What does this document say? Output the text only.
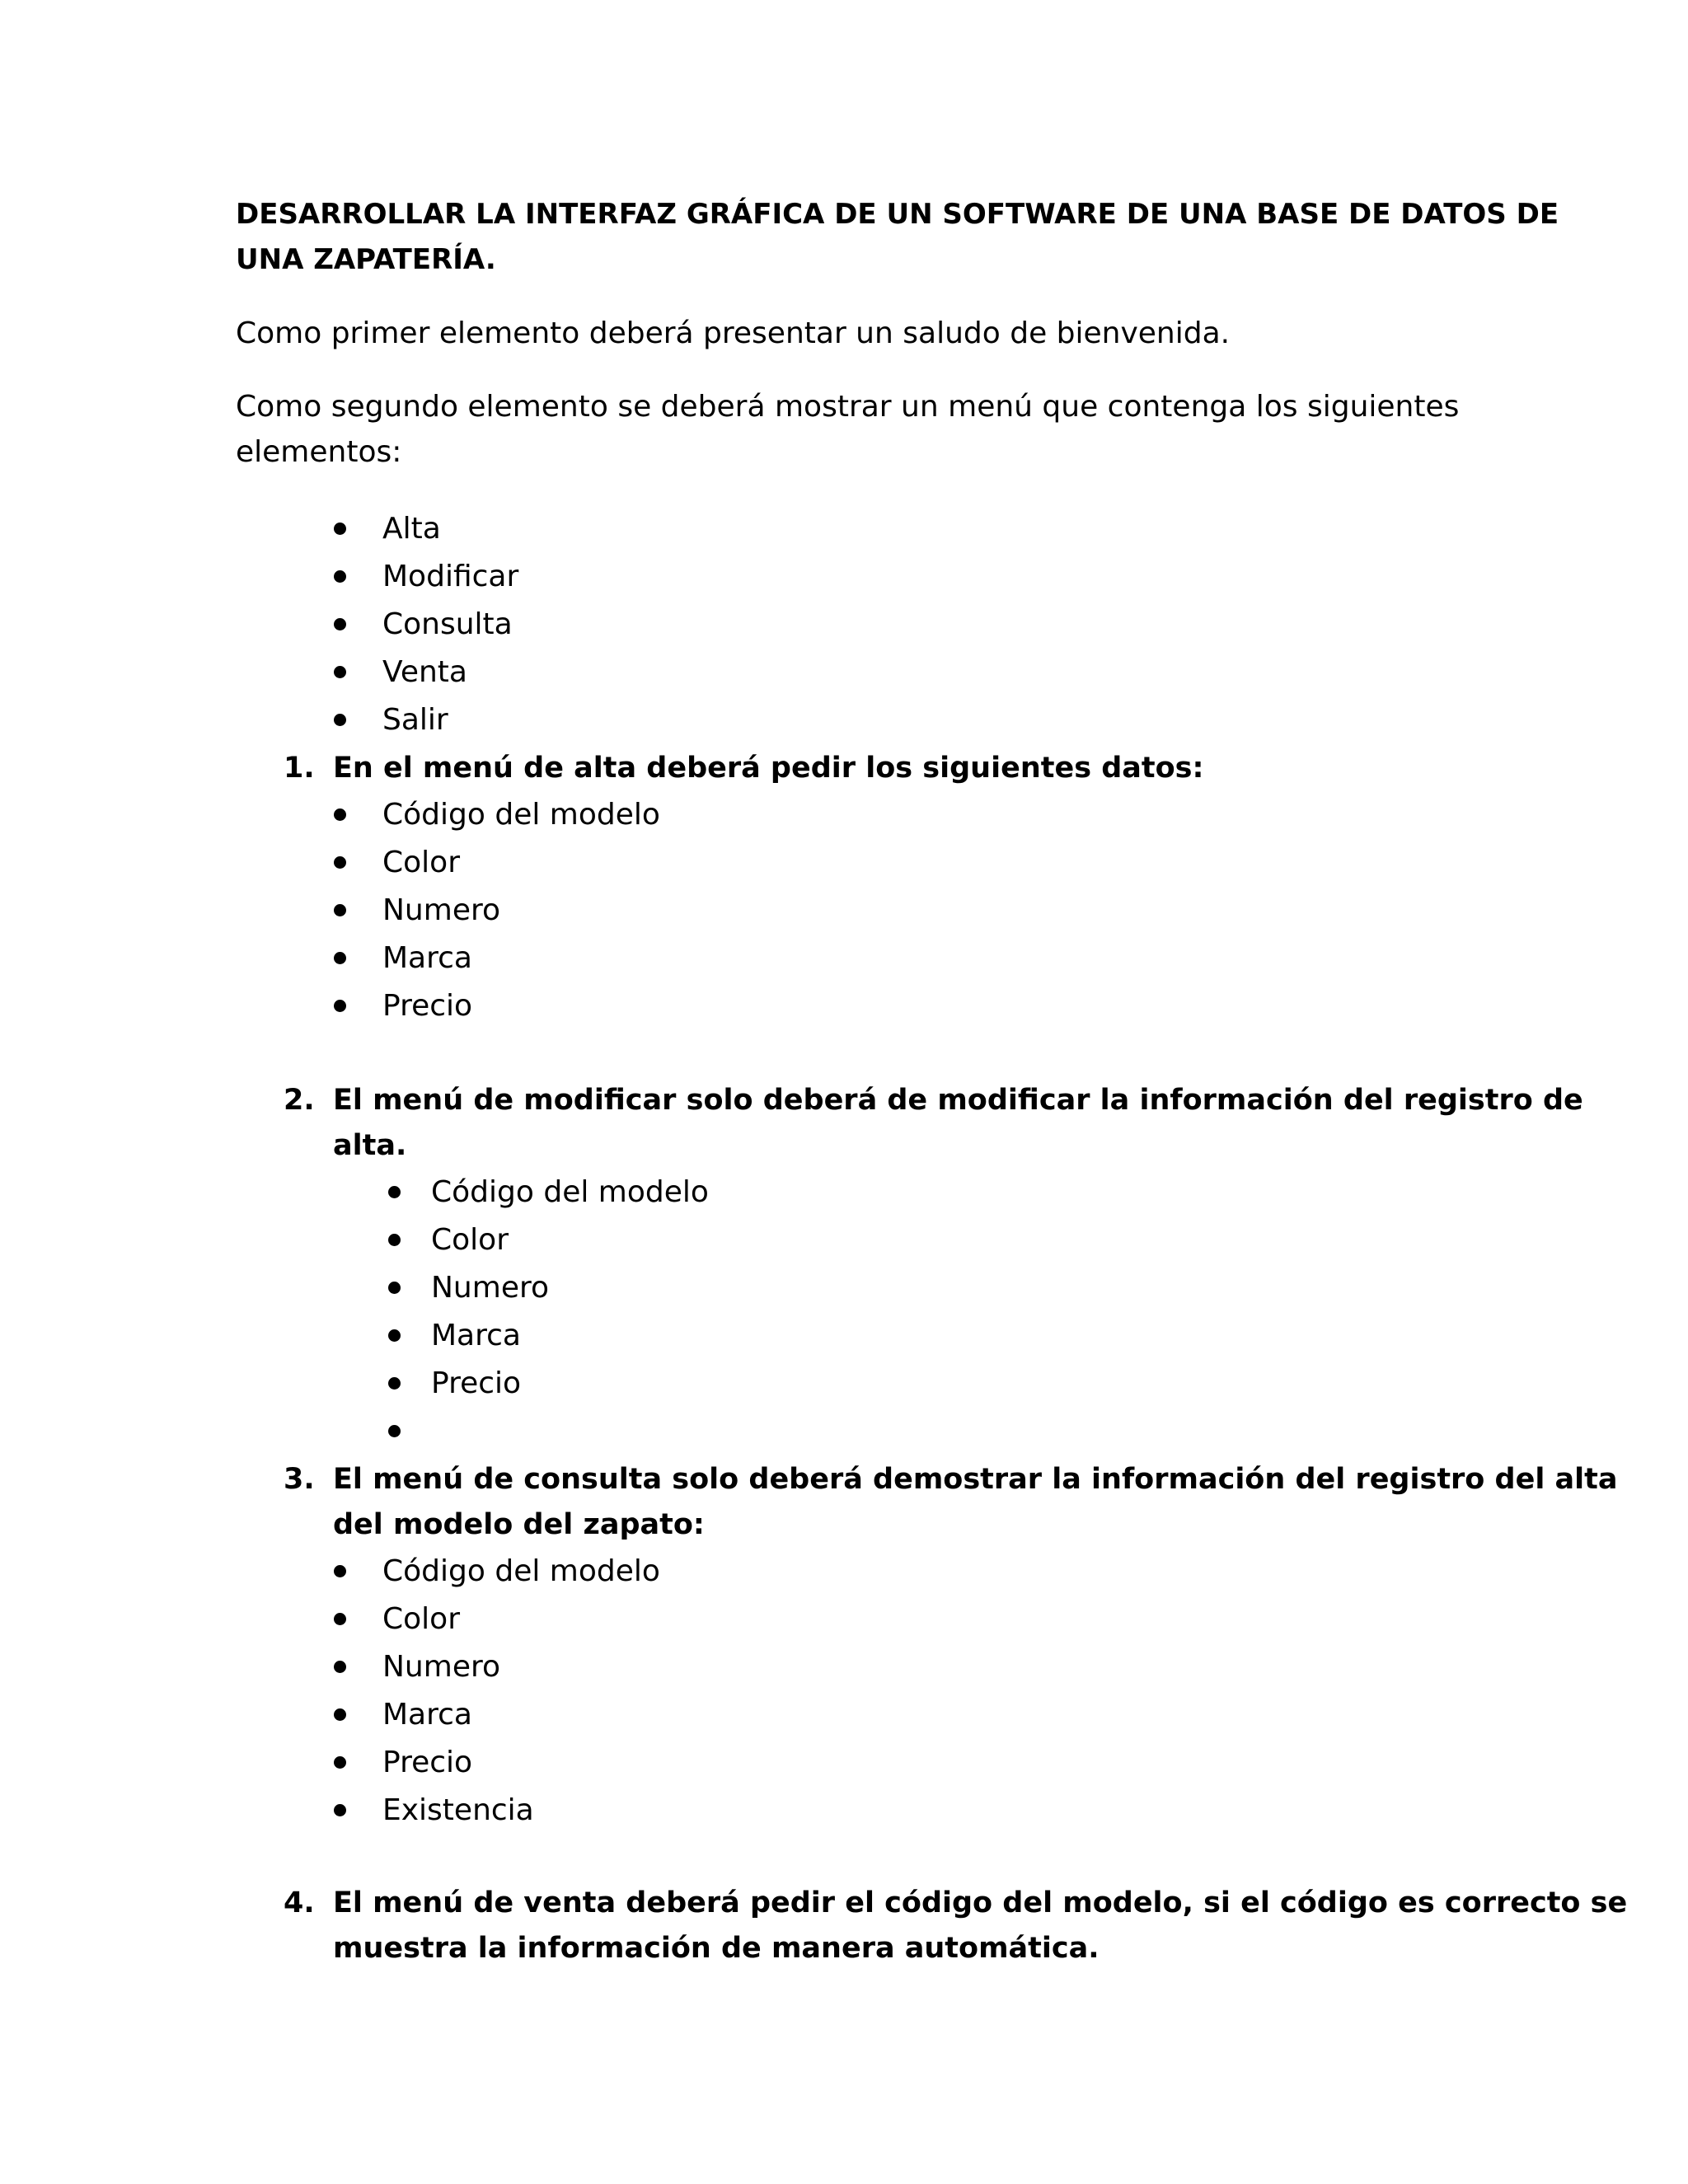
DESARROLLAR LA INTERFAZ GRÁFICA DE UN SOFTWARE DE UNA BASE DE DATOS DE
UNA ZAPATERÍA.
Como primer elemento deberá presentar un saludo de bienvenida.
Como segundo elemento se deberá mostrar un menú que contenga los siguientes
elementos:
Alta
Modificar
Consulta
Venta
Salir
1. En el menú de alta deberá pedir los siguientes datos:
Código del modelo
Color
Numero
Marca
Precio
2. El menú de modificar solo deberá de modificar la información del registro de
alta.
Código del modelo
Color
Numero
Marca
Precio
3. El menú de consulta solo deberá demostrar la información del registro del alta
del modelo del zapato:
Código del modelo
Color
Numero
Marca
Precio
Existencia
4. El menú de venta deberá pedir el código del modelo, si el código es correcto se
muestra la información de manera automática.
